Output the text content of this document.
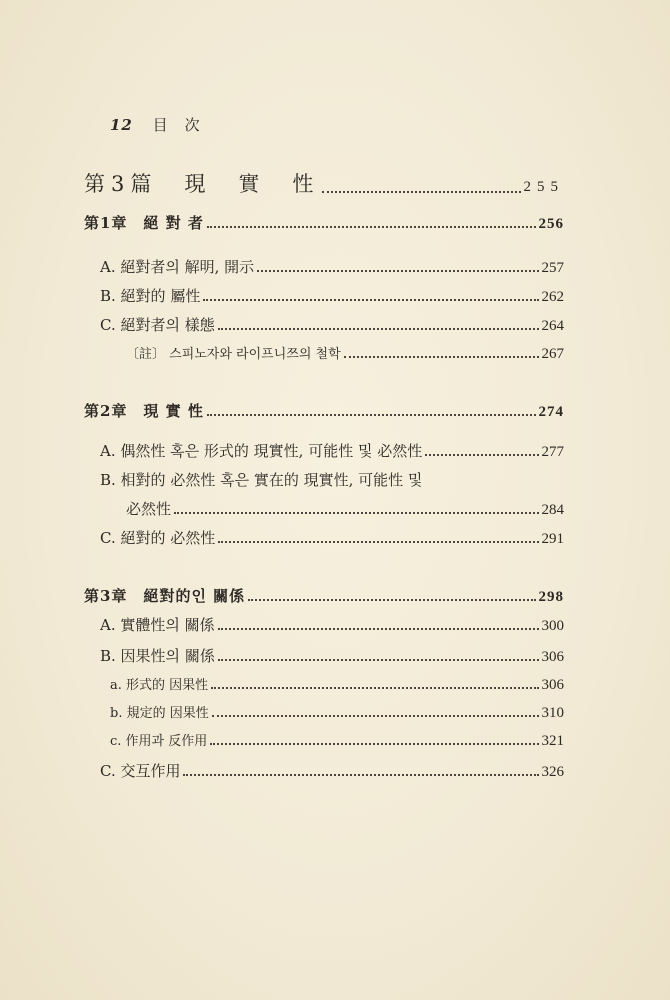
12 目　次
第3篇　現　實　性	255
第1章　絕 對 者	256
A. 絕對者의 解明, 開示	257
B. 絕對的 屬性	262
C. 絕對者의 樣態	264
〔註〕 스피노자와 라이프니쯔의 철학	267
第2章　現 實 性	274
A. 偶然性 혹은 形式的 現實性, 可能性 및 必然性	277
B. 相對的 必然性 혹은 實在的 現實性, 可能性 및
必然性	284
C. 絕對的 必然性	291
第3章　絕對的인 關係	298
A. 實體性의 關係	300
B. 因果性의 關係	306
a. 形式的 因果性	306
b. 規定的 因果性	310
c. 作用과 反作用	321
C. 交互作用	326
